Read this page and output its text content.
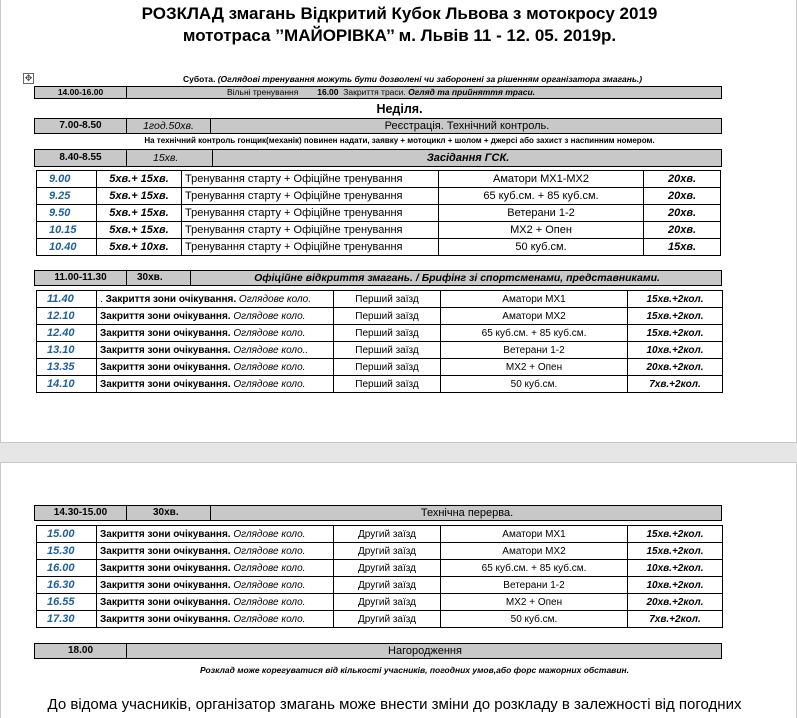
РОЗКЛАД змагань Відкритий Кубок Львова з мотокросу 2019
мототраса ’’МАЙОРІВКА’’ м. Львів 11 - 12. 05. 2019р.
✥	Субота. (Оглядові тренування можуть бути дозволені чи заборонені за рішенням організатора змагань.)
14.00-16.00	Вільні тренування 16.00 Закриття траси. Огляд та прийняття траси.
Неділя.
7.00-8.50	1год.50хв.	Реєстрація. Технічний контроль.
На технічний контроль гонщик(механік) повинен надати, заявку + мотоцикл + шолом + джерсі або захист з наспинним номером.
8.40-8.55	15хв.	Засідання ГСК.
9.00	5хв.+ 15хв.	Тренування старту + Офіційне тренування	Аматори МХ1-МХ2	20хв.
9.25	5хв.+ 15хв.	Тренування старту + Офіційне тренування	65 куб.см. + 85 куб.см.	20хв.
9.50	5хв.+ 15хв.	Тренування старту + Офіційне тренування	Ветерани 1-2	20хв.
10.15	5хв.+ 15хв.	Тренування старту + Офіційне тренування	МХ2 + Опен	20хв.
10.40	5хв.+ 10хв.	Тренування старту + Офіційне тренування	50 куб.см.	15хв.
11.00-11.30	30хв.	Офіційне відкриття змагань. / Брифінг зі спортсменами, представниками.
11.40	. Закриття зони очікування. Оглядове коло.	Перший заїзд	Аматори МХ1	15хв.+2кол.
12.10	Закриття зони очікування. Оглядове коло.	Перший заїзд	Аматори МХ2	15хв.+2кол.
12.40	Закриття зони очікування. Оглядове коло.	Перший заїзд	65 куб.см. + 85 куб.см.	15хв.+2кол.
13.10	Закриття зони очікування. Оглядове коло..	Перший заїзд	Ветерани 1-2	10хв.+2кол.
13.35	Закриття зони очікування. Оглядове коло.	Перший заїзд	МХ2 + Опен	20хв.+2кол.
14.10	Закриття зони очікування. Оглядове коло.	Перший заїзд	50 куб.см.	7хв.+2кол.
14.30-15.00	30хв.	Технічна перерва.
15.00	Закриття зони очікування. Оглядове коло.	Другий заїзд	Аматори МХ1	15хв.+2кол.
15.30	Закриття зони очікування. Оглядове коло.	Другий заїзд	Аматори МХ2	15хв.+2кол.
16.00	Закриття зони очікування. Оглядове коло.	Другий заїзд	65 куб.см. + 85 куб.см.	10хв.+2кол.
16.30	Закриття зони очікування. Оглядове коло.	Другий заїзд	Ветерани 1-2	10хв.+2кол.
16.55	Закриття зони очікування. Оглядове коло.	Другий заїзд	МХ2 + Опен	20хв.+2кол.
17.30	Закриття зони очікування. Оглядове коло.	Другий заїзд	50 куб.см.	7хв.+2кол.
18.00	Нагородження
Розклад може корегуватися від кількості учасників, погодних умов,або форс мажорних обставин.
До відома учасників, організатор змагань може внести зміни до розкладу в залежності від погодних
